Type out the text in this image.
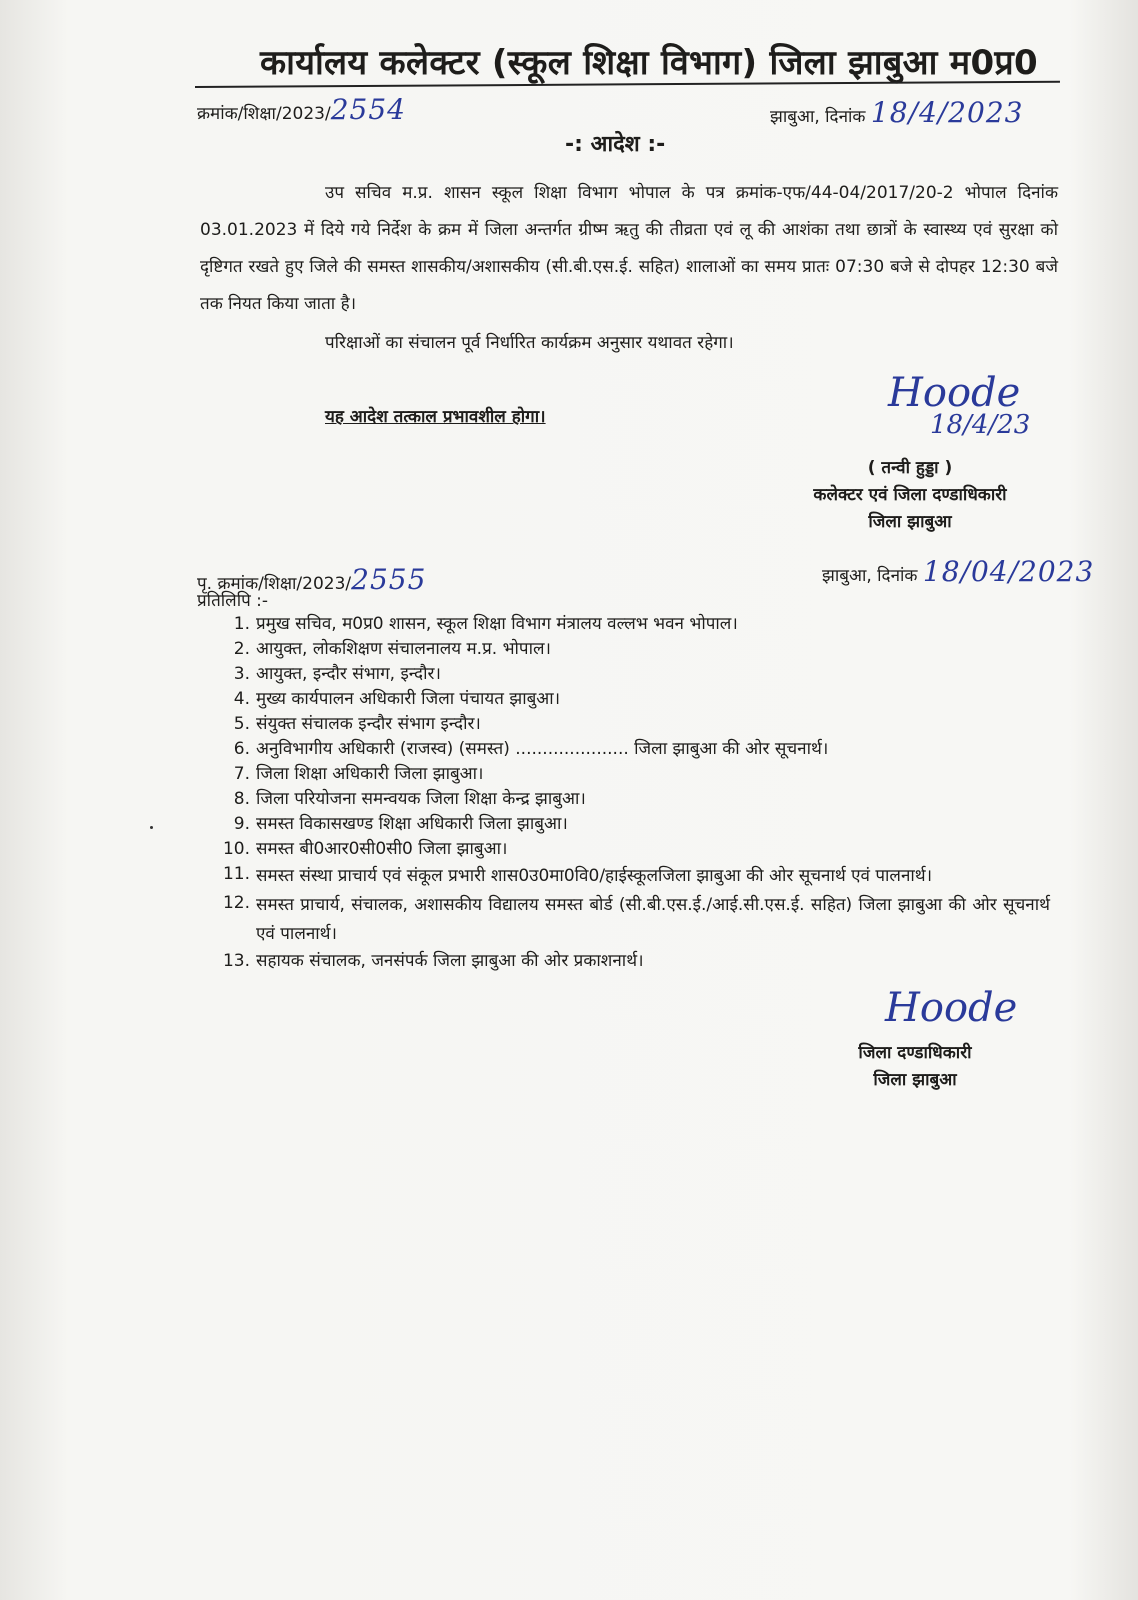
कार्यालय कलेक्टर (स्कूल शिक्षा विभाग) जिला झाबुआ म0प्र0
क्रमांक/शिक्षा/2023/2554	झाबुआ, दिनांक 18/4/2023
-: आदेश :-
उप सचिव म.प्र. शासन स्कूल शिक्षा विभाग भोपाल के पत्र क्रमांक-एफ/44-04/2017/20-2 भोपाल दिनांक 03.01.2023 में दिये गये निर्देश के क्रम में जिला अन्तर्गत ग्रीष्म ऋतु की तीव्रता एवं लू की आशंका तथा छात्रों के स्वास्थ्य एवं सुरक्षा को दृष्टिगत रखते हुए जिले की समस्त शासकीय/अशासकीय (सी.बी.एस.ई. सहित) शालाओं का समय प्रातः 07:30 बजे से दोपहर 12:30 बजे तक नियत किया जाता है।
परिक्षाओं का संचालन पूर्व निर्धारित कार्यक्रम अनुसार यथावत रहेगा।
यह आदेश तत्काल प्रभावशील होगा।
Hoode
18/4/23
( तन्वी हुड्डा )
कलेक्टर एवं जिला दण्डाधिकारी
जिला झाबुआ
पृ. क्रमांक/शिक्षा/2023/2555	झाबुआ, दिनांक 18/04/2023
प्रतिलिपि :-
1. प्रमुख सचिव, म0प्र0 शासन, स्कूल शिक्षा विभाग मंत्रालय वल्लभ भवन भोपाल।
2. आयुक्त, लोकशिक्षण संचालनालय म.प्र. भोपाल।
3. आयुक्त, इन्दौर संभाग, इन्दौर।
4. मुख्य कार्यपालन अधिकारी जिला पंचायत झाबुआ।
5. संयुक्त संचालक इन्दौर संभाग इन्दौर।
6. अनुविभागीय अधिकारी (राजस्व) (समस्त) ..................... जिला झाबुआ की ओर सूचनार्थ।
7. जिला शिक्षा अधिकारी जिला झाबुआ।
8. जिला परियोजना समन्वयक जिला शिक्षा केन्द्र झाबुआ।
9. समस्त विकासखण्ड शिक्षा अधिकारी जिला झाबुआ।
10. समस्त बी0आर0सी0सी0 जिला झाबुआ।
11. समस्त संस्था प्राचार्य एवं संकूल प्रभारी शास0उ0मा0वि0/हाईस्कूलजिला झाबुआ की ओर सूचनार्थ एवं पालनार्थ।
12. समस्त प्राचार्य, संचालक, अशासकीय विद्यालय समस्त बोर्ड (सी.बी.एस.ई./आई.सी.एस.ई. सहित) जिला झाबुआ की ओर सूचनार्थ एवं पालनार्थ।
13. सहायक संचालक, जनसंपर्क जिला झाबुआ की ओर प्रकाशनार्थ।
Hoode
जिला दण्डाधिकारी
जिला झाबुआ
